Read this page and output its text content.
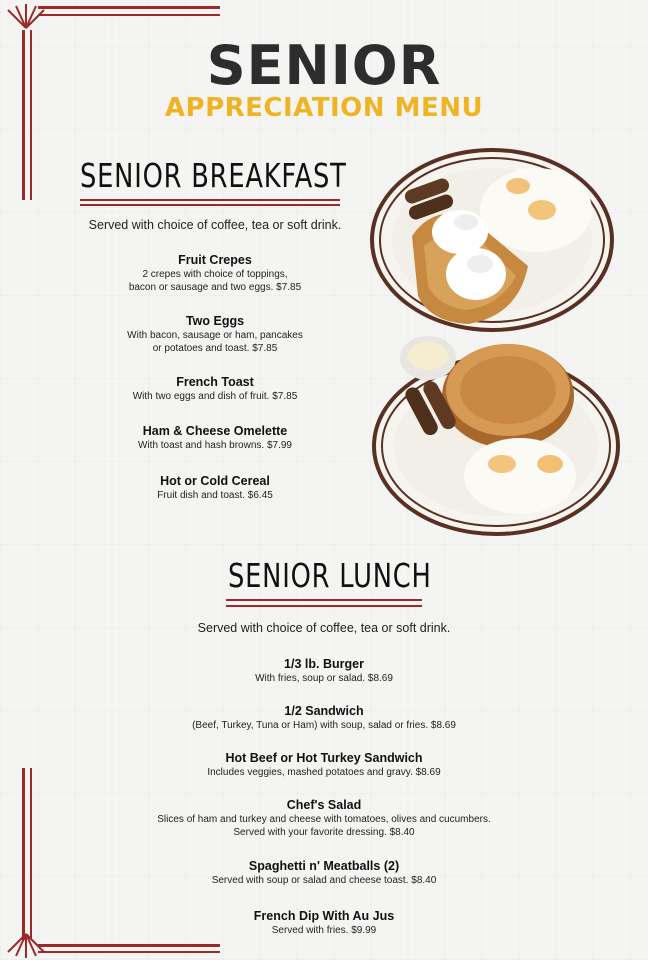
SENIOR
APPRECIATION MENU
SENIOR BREAKFAST
Served with choice of coffee, tea or soft drink.
Fruit Crepes
2 crepes with choice of toppings,
bacon or sausage and two eggs. $7.85
Two Eggs
With bacon, sausage or ham, pancakes
or potatoes and toast. $7.85
French Toast
With two eggs and dish of fruit. $7.85
Ham & Cheese Omelette
With toast and hash browns. $7.99
Hot or Cold Cereal
Fruit dish and toast. $6.45
SENIOR LUNCH
Served with choice of coffee, tea or soft drink.
1/3 lb. Burger
With fries, soup or salad. $8.69
1/2 Sandwich
(Beef, Turkey, Tuna or Ham) with soup, salad or fries. $8.69
Hot Beef or Hot Turkey Sandwich
Includes veggies, mashed potatoes and gravy. $8.69
Chef's Salad
Slices of ham and turkey and cheese with tomatoes, olives and cucumbers.
Served with your favorite dressing. $8.40
Spaghetti n' Meatballs (2)
Served with soup or salad and cheese toast. $8.40
French Dip With Au Jus
Served with fries. $9.99
